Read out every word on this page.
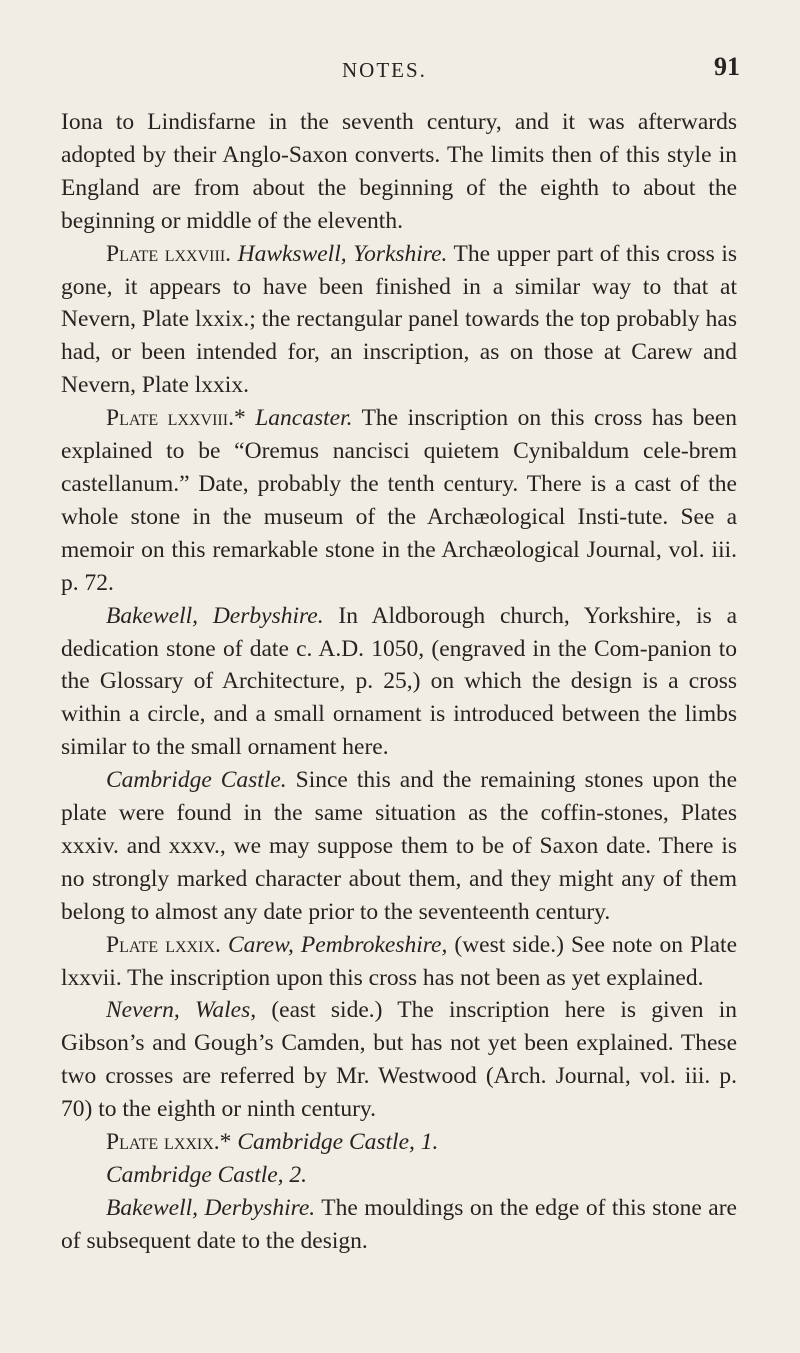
NOTES.	91

Iona to Lindisfarne in the seventh century, and it was afterwards adopted by their Anglo-Saxon converts. The limits then of this style in England are from about the beginning of the eighth to about the beginning or middle of the eleventh.

Plate lxxviii. Hawkswell, Yorkshire. The upper part of this cross is gone, it appears to have been finished in a similar way to that at Nevern, Plate lxxix.; the rectangular panel towards the top probably has had, or been intended for, an inscription, as on those at Carew and Nevern, Plate lxxix.

Plate lxxviii.* Lancaster. The inscription on this cross has been explained to be “Oremus nancisci quietem Cynibaldum cele-brem castellanum.” Date, probably the tenth century. There is a cast of the whole stone in the museum of the Archæological Insti-tute. See a memoir on this remarkable stone in the Archæological Journal, vol. iii. p. 72.

Bakewell, Derbyshire. In Aldborough church, Yorkshire, is a dedication stone of date c. A.D. 1050, (engraved in the Com-panion to the Glossary of Architecture, p. 25,) on which the design is a cross within a circle, and a small ornament is introduced between the limbs similar to the small ornament here.

Cambridge Castle. Since this and the remaining stones upon the plate were found in the same situation as the coffin-stones, Plates xxxiv. and xxxv., we may suppose them to be of Saxon date. There is no strongly marked character about them, and they might any of them belong to almost any date prior to the seventeenth century.

Plate lxxix. Carew, Pembrokeshire, (west side.) See note on Plate lxxvii. The inscription upon this cross has not been as yet explained.

Nevern, Wales, (east side.) The inscription here is given in Gibson’s and Gough’s Camden, but has not yet been explained. These two crosses are referred by Mr. Westwood (Arch. Journal, vol. iii. p. 70) to the eighth or ninth century.

Plate lxxix.* Cambridge Castle, 1.

Cambridge Castle, 2.

Bakewell, Derbyshire. The mouldings on the edge of this stone are of subsequent date to the design.
